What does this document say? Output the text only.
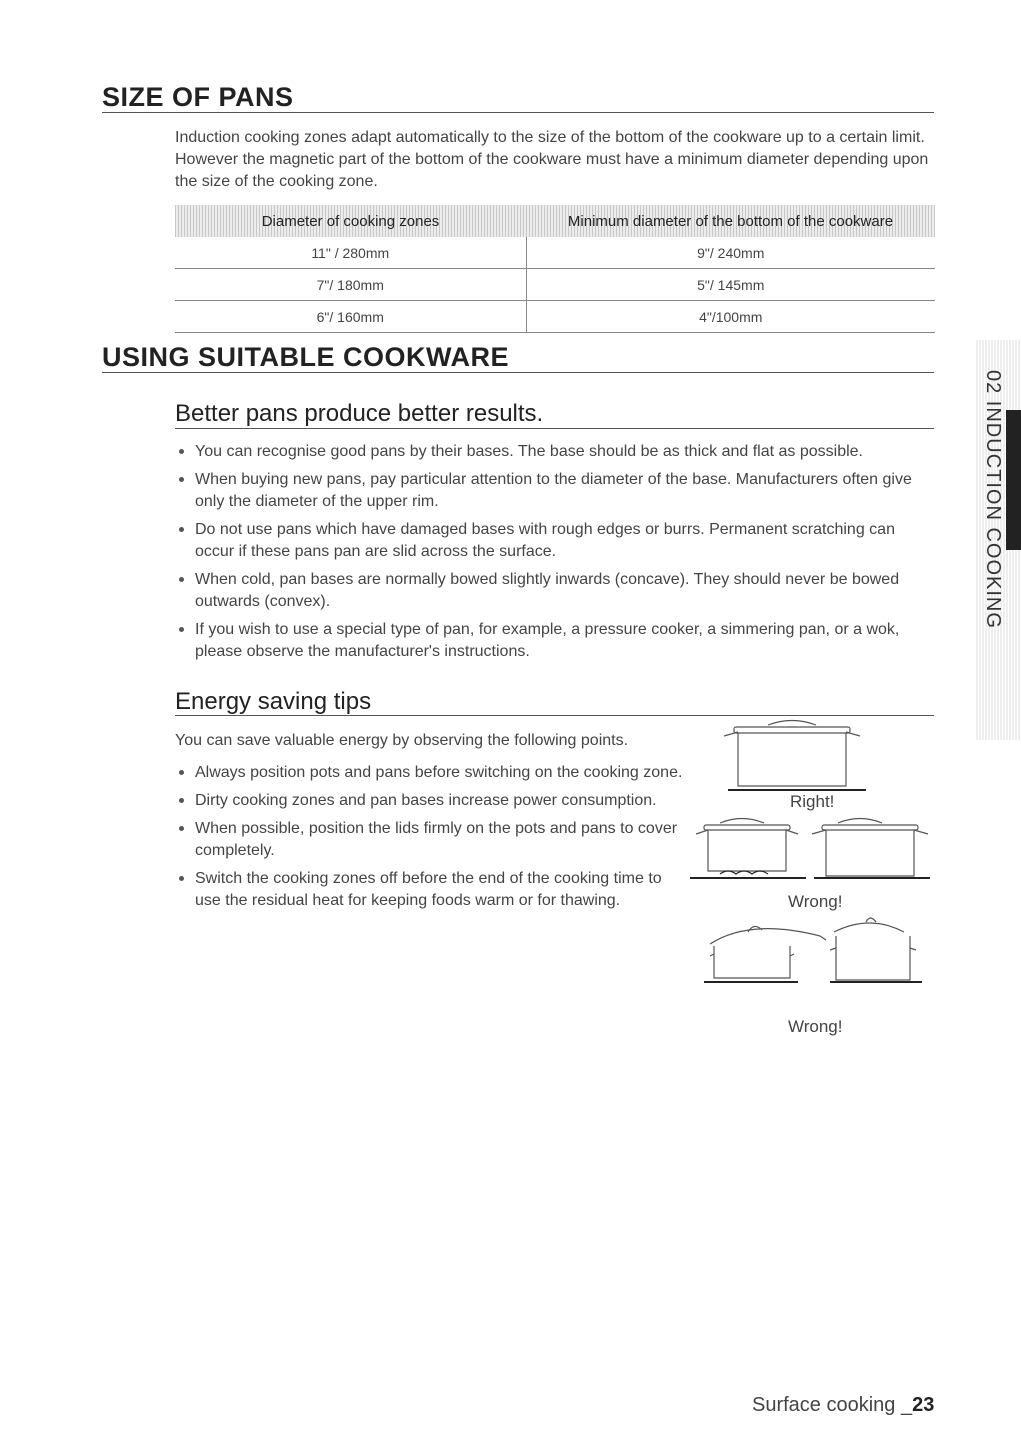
SIZE OF PANS
Induction cooking zones adapt automatically to the size of the bottom of the cookware up to a certain limit. However the magnetic part of the bottom of the cookware must have a minimum diameter depending upon the size of the cooking zone.
Diameter of cooking zones	Minimum diameter of the bottom of the cookware
11" / 280mm	9"/ 240mm
7"/ 180mm	5"/ 145mm
6"/ 160mm	4"/100mm
USING SUITABLE COOKWARE
Better pans produce better results.
You can recognise good pans by their bases. The base should be as thick and flat as possible.
When buying new pans, pay particular attention to the diameter of the base. Manufacturers often give only the diameter of the upper rim.
Do not use pans which have damaged bases with rough edges or burrs. Permanent scratching can occur if these pans pan are slid across the surface.
When cold, pan bases are normally bowed slightly inwards (concave). They should never be bowed outwards (convex).
If you wish to use a special type of pan, for example, a pressure cooker, a simmering pan, or a wok, please observe the manufacturer's instructions.
Energy saving tips
You can save valuable energy by observing the following points.
Always position pots and pans before switching on the cooking zone.
Dirty cooking zones and pan bases increase power consumption.
When possible, position the lids firmly on the pots and pans to cover completely.
Switch the cooking zones off before the end of the cooking time to use the residual heat for keeping foods warm or for thawing.
Right!
Wrong!
Wrong!
02 INDUCTION COOKING
Surface cooking _23
